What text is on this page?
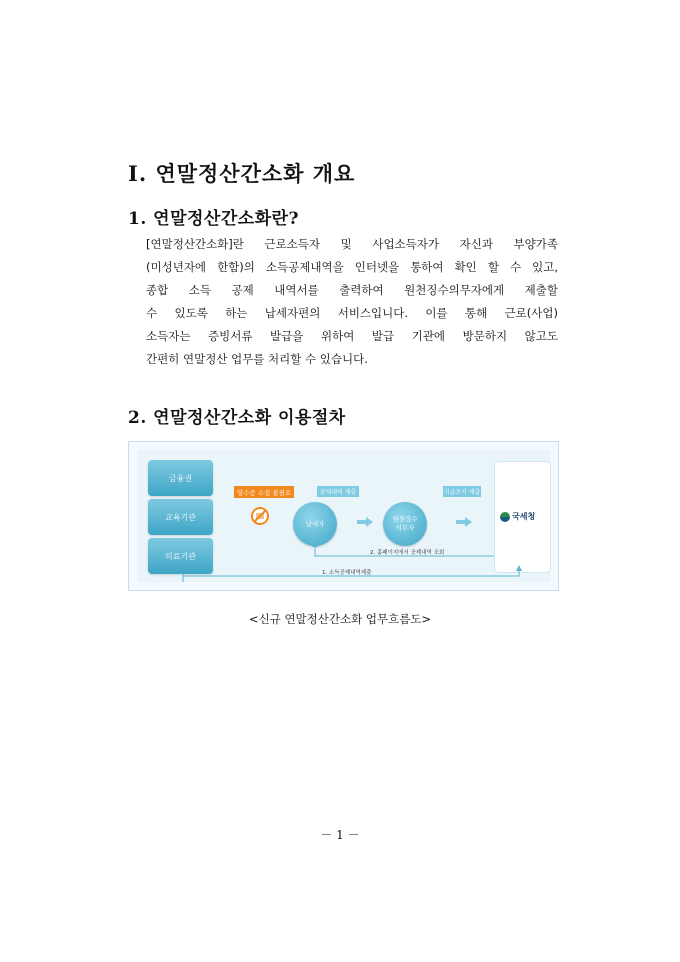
Ⅰ. 연말정산간소화 개요
1. 연말정산간소화란?
[연말정산간소화]란 근로소득자 및 사업소득자가 자신과 부양가족
(미성년자에 한함)의 소득공제내역을 인터넷을 통하여 확인 할 수 있고,
종합 소득 공제 내역서를 출력하여 원천징수의무자에게 제출할
수 있도록 하는 납세자편의 서비스입니다. 이를 통해 근로(사업)
소득자는 증빙서류 발급을 위하여 발급 기관에 방문하지 않고도
간편히 연말정산 업무를 처리할 수 있습니다.
2. 연말정산간소화 이용절차
금융권
교육기관
의료기관
영수증 수집 불필요
납세자
원천징수
의무자
공제내역 제출	지급조서 제출
국세청
2. 홈페이지에서 공제내역 조회
1. 소득공제내역제출
<신규 연말정산간소화 업무흐름도>
－ 1 －
